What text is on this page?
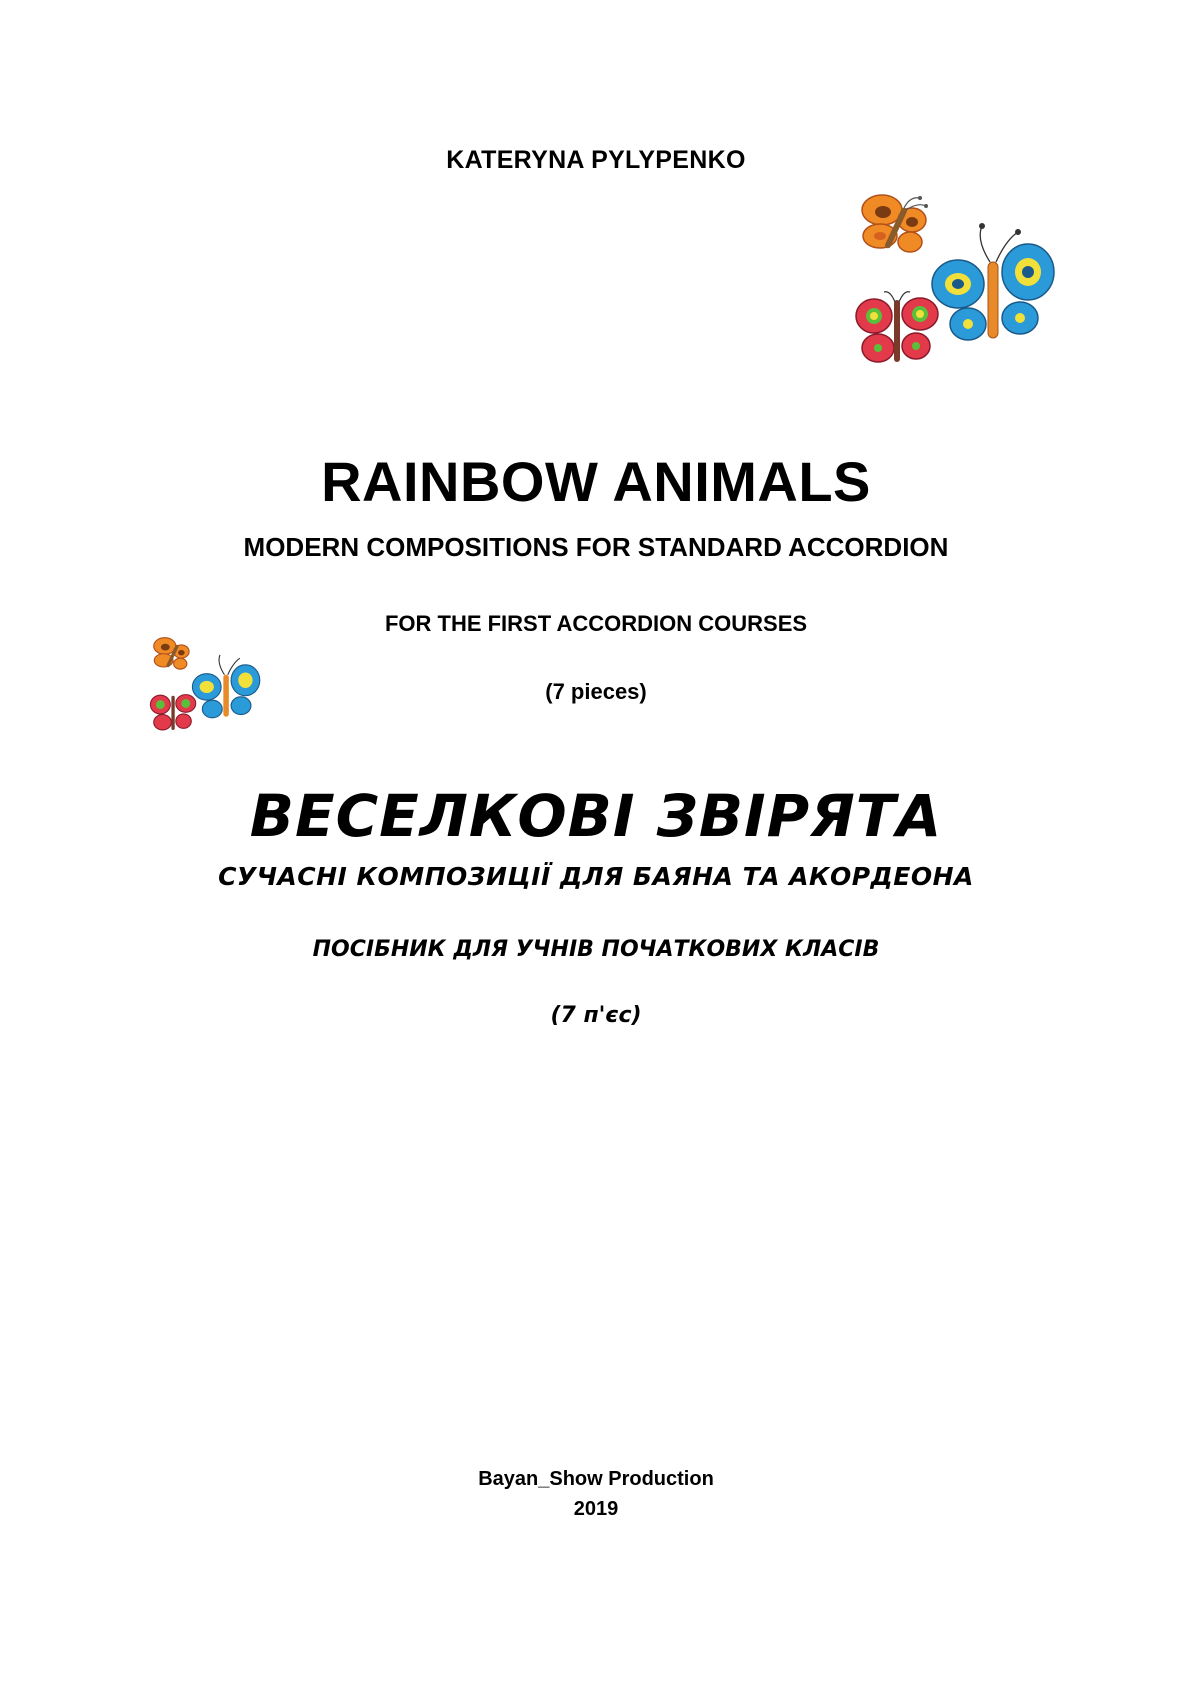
KATERYNA PYLYPENKO

RAINBOW ANIMALS
MODERN COMPOSITIONS FOR STANDARD ACCORDION

FOR THE FIRST ACCORDION COURSES

(7 pieces)

ВЕСЕЛКОВІ ЗВІРЯТА
СУЧАСНІ КОМПОЗИЦІЇ ДЛЯ БАЯНА ТА АКОРДЕОНА

ПОСІБНИК ДЛЯ УЧНІВ ПОЧАТКОВИХ КЛАСІВ

(7 п'єс)

Bayan_Show Production

2019
